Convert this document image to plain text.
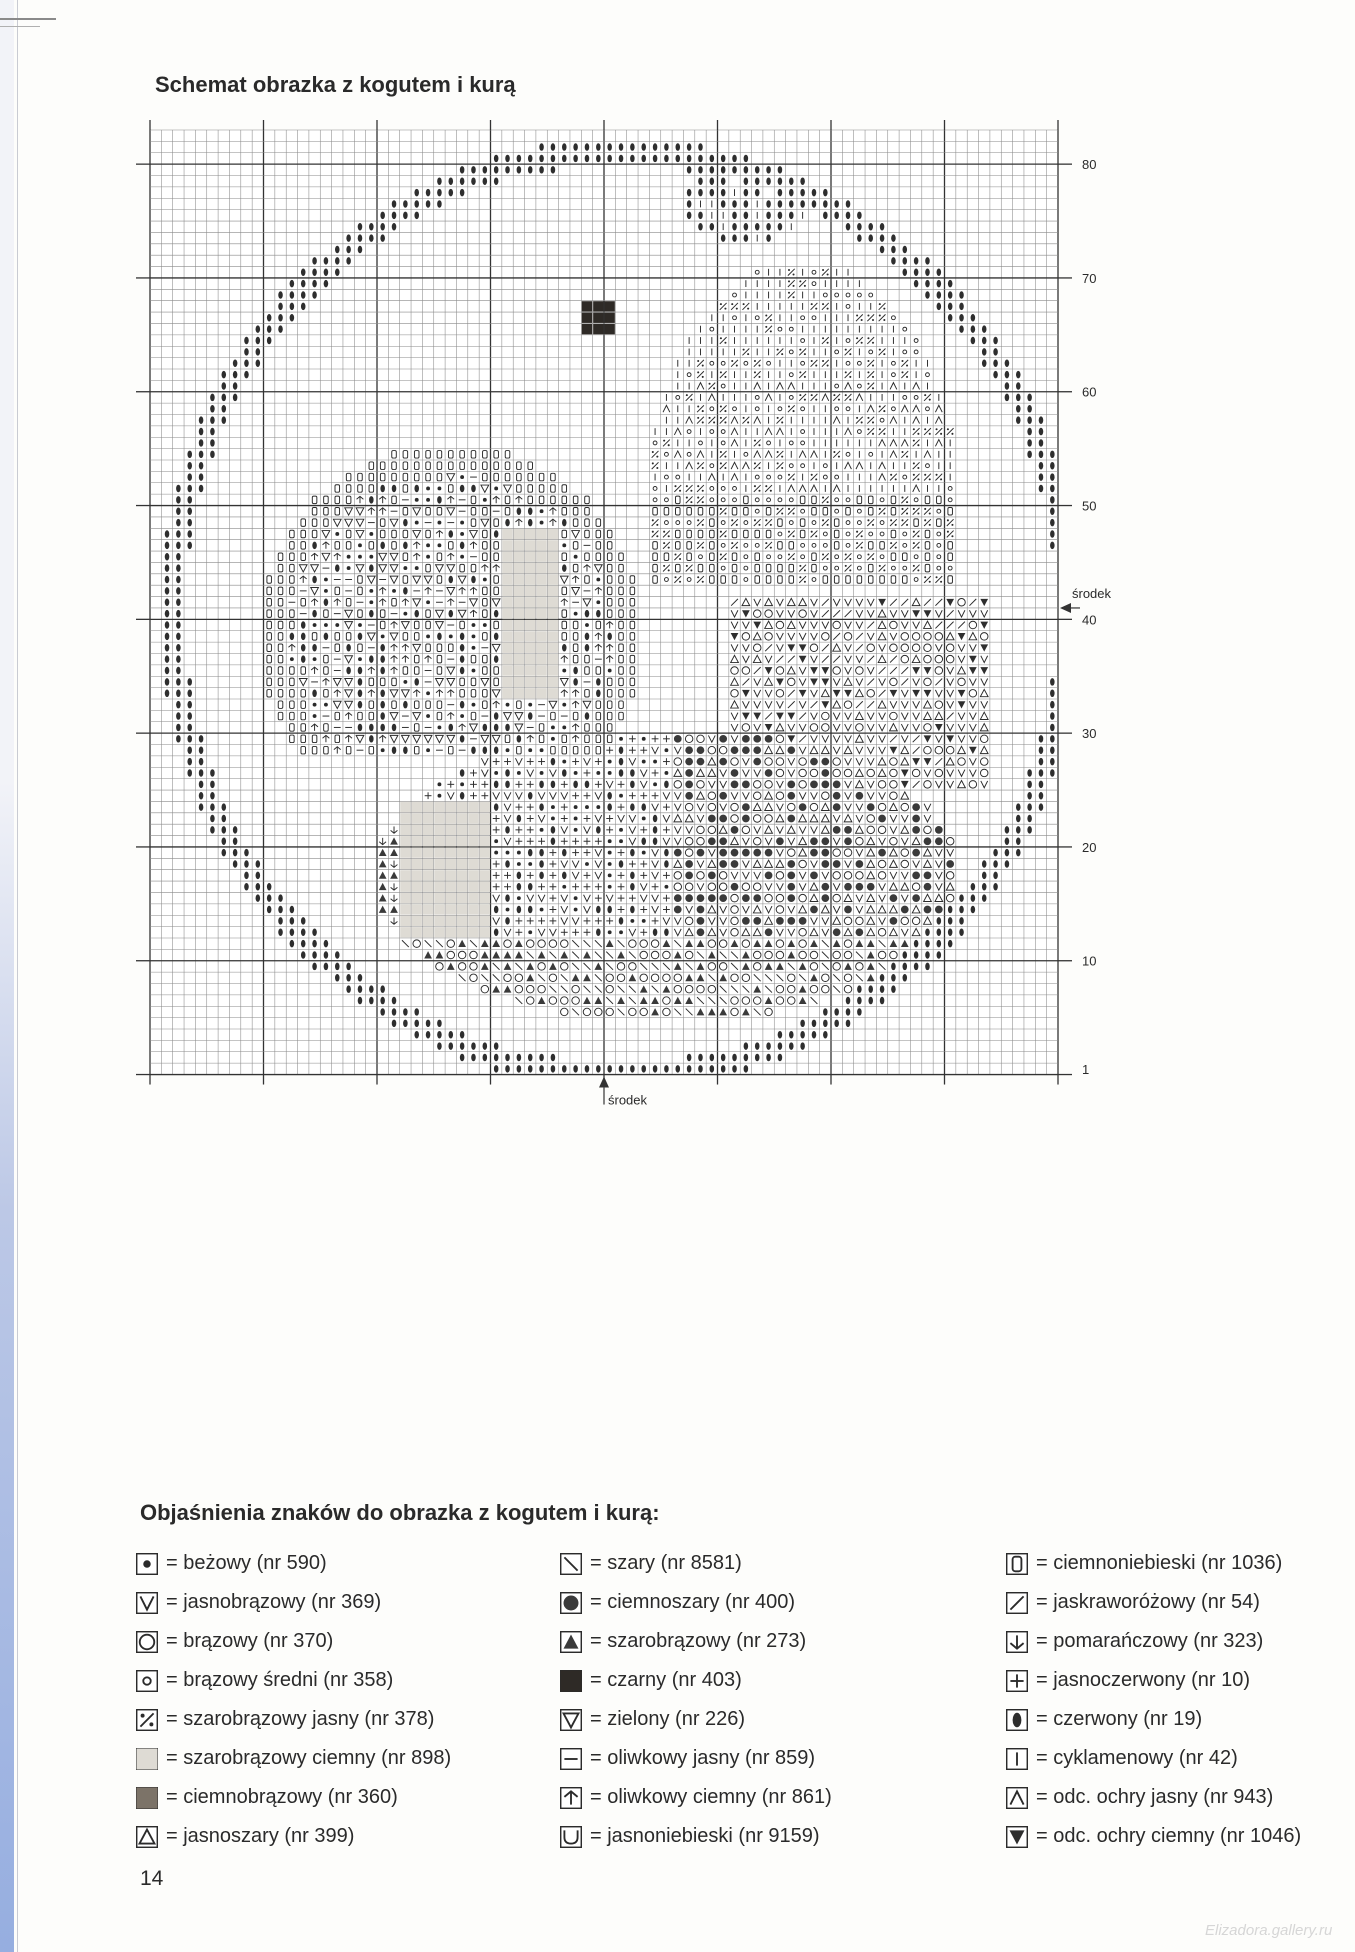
Schemat obrazka z kogutem i kurą
80
70
60
50
40
30
20
10
1
środek
środek
Objaśnienia znaków do obrazka z kogutem i kurą:
= beżowy (nr 590)
= jasnobrązowy (nr 369)
= brązowy (nr 370)
= brązowy średni (nr 358)
= szarobrązowy jasny (nr 378)
= szarobrązowy ciemny (nr 898)
= ciemnobrązowy (nr 360)
= jasnoszary (nr 399)
= szary (nr 8581)
= ciemnoszary (nr 400)
= szarobrązowy (nr 273)
= czarny (nr 403)
= zielony (nr 226)
= oliwkowy jasny (nr 859)
= oliwkowy ciemny (nr 861)
= jasnoniebieski (nr 9159)
= ciemnoniebieski (nr 1036)
= jaskraworóżowy (nr 54)
= pomarańczowy (nr 323)
= jasnoczerwony (nr 10)
= czerwony (nr 19)
= cyklamenowy (nr 42)
= odc. ochry jasny (nr 943)
= odc. ochry ciemny (nr 1046)
14
Elizadora.gallery.ru
